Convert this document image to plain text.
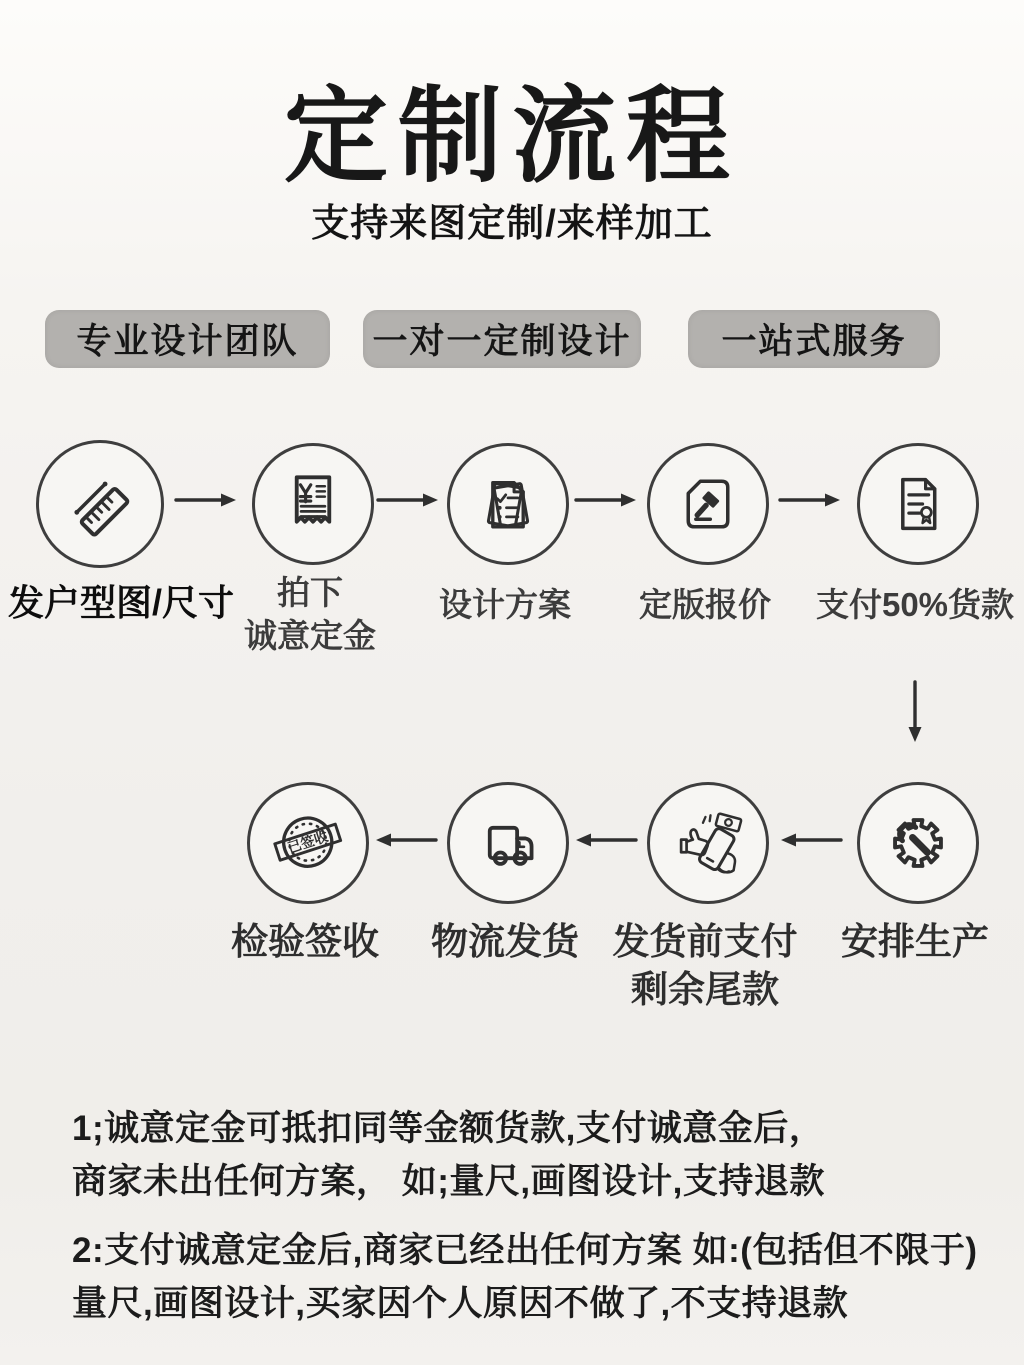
定制流程
支持来图定制/来样加工
专业设计团队	一对一定制设计	一站式服务
发户型图/尺寸	拍下
诚意定金
设计方案	定版报价	支付50%货款
已签收
检验签收	物流发货 发货前支付
剩余尾款
安排生产
1;诚意定金可抵扣同等金额货款,支付诚意金后，
商家未出任何方案， 如;量尺,画图设计,支持退款
2:支付诚意定金后,商家已经出任何方案 如:(包括但不限于)
量尺,画图设计,买家因个人原因不做了,不支持退款
